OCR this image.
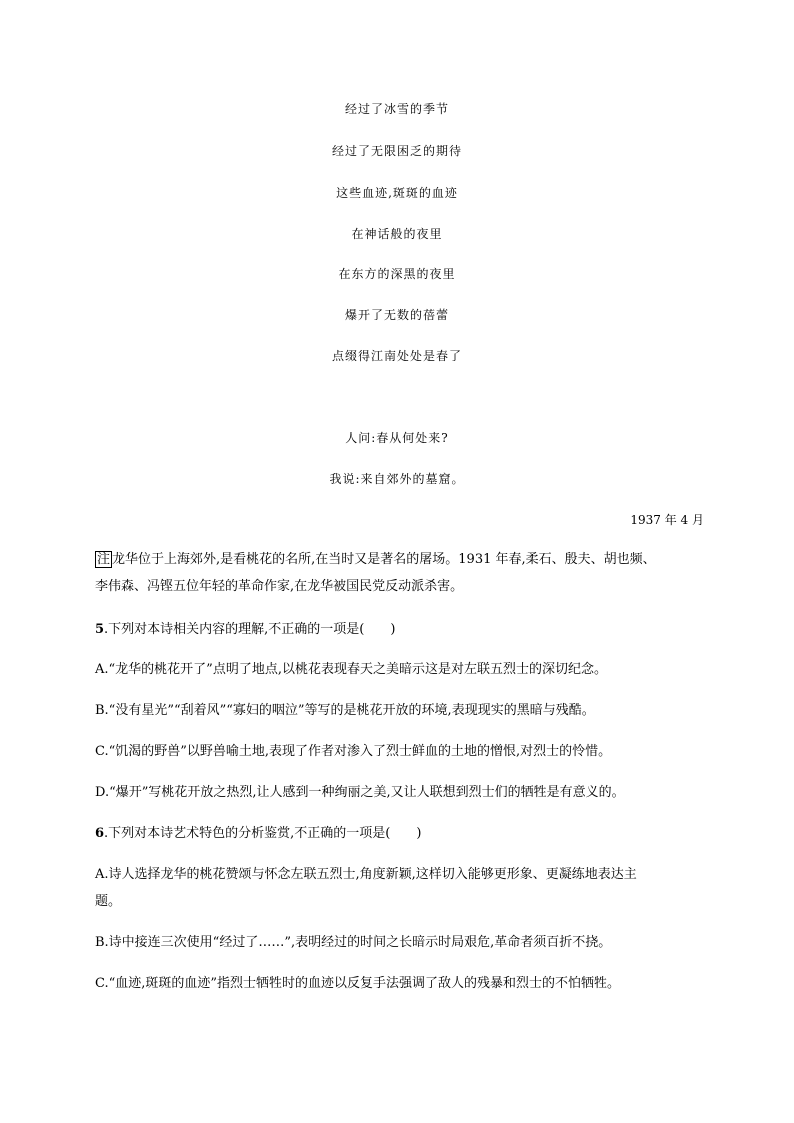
经过了冰雪的季节
经过了无限困乏的期待
这些血迹,斑斑的血迹
在神话般的夜里
在东方的深黑的夜里
爆开了无数的蓓蕾
点缀得江南处处是春了
人问:春从何处来?
我说:来自郊外的墓窟。
1937 年 4 月
注 龙华位于上海郊外,是看桃花的名所,在当时又是著名的屠场。1931 年春,柔石、殷夫、胡也频、
李伟森、冯铿五位年轻的革命作家,在龙华被国民党反动派杀害。
5.下列对本诗相关内容的理解,不正确的一项是(　　)
A.“龙华的桃花开了”点明了地点,以桃花表现春天之美暗示这是对左联五烈士的深切纪念。
B.“没有星光”“刮着风”“寡妇的咽泣”等写的是桃花开放的环境,表现现实的黑暗与残酷。
C.“饥渴的野兽”以野兽喻土地,表现了作者对渗入了烈士鲜血的土地的憎恨,对烈士的怜惜。
D.“爆开”写桃花开放之热烈,让人感到一种绚丽之美,又让人联想到烈士们的牺牲是有意义的。
6.下列对本诗艺术特色的分析鉴赏,不正确的一项是(　　)
A.诗人选择龙华的桃花赞颂与怀念左联五烈士,角度新颖,这样切入能够更形象、更凝练地表达主
题。
B.诗中接连三次使用“经过了……”,表明经过的时间之长暗示时局艰危,革命者须百折不挠。
C.“血迹,斑斑的血迹”指烈士牺牲时的血迹以反复手法强调了敌人的残暴和烈士的不怕牺牲。
